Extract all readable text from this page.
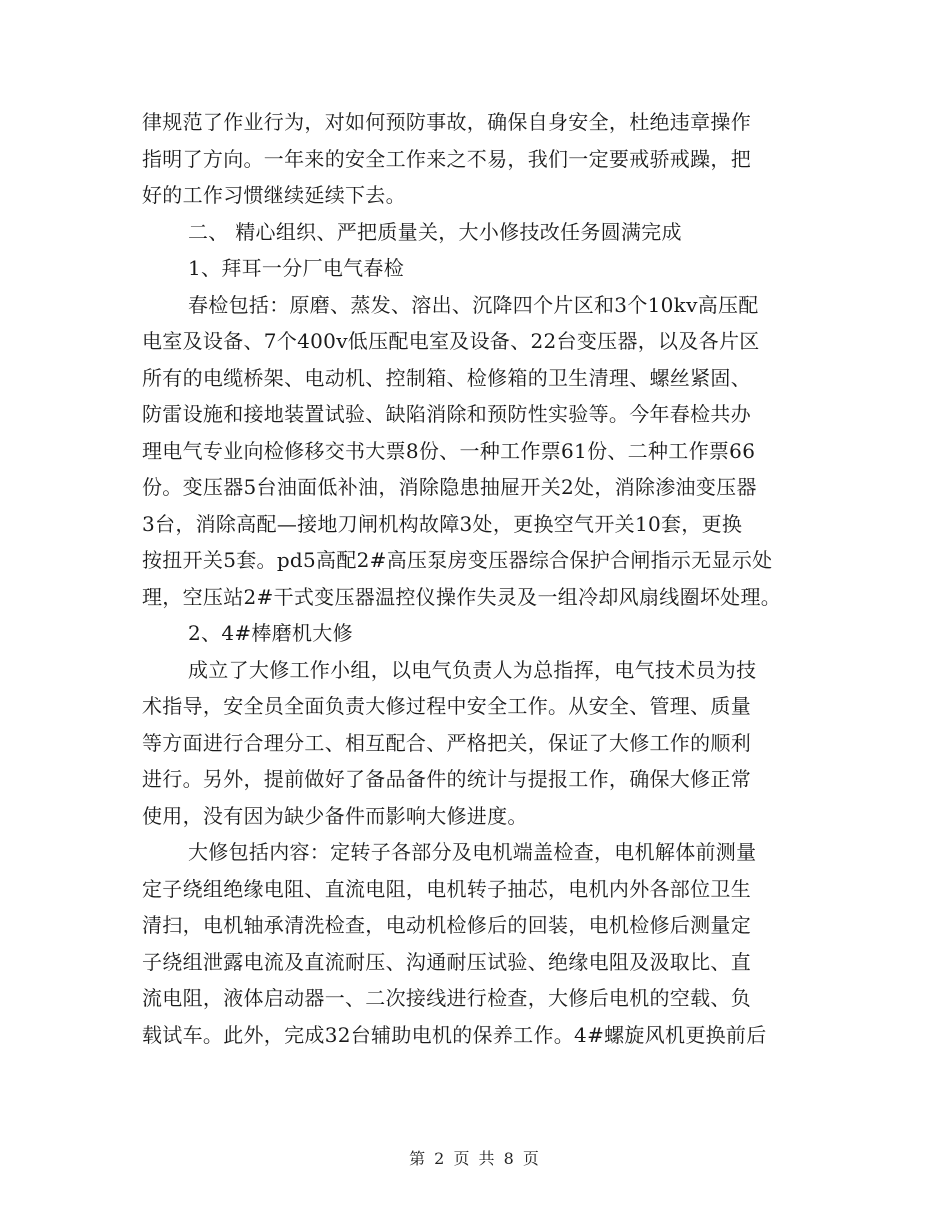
律规范了作业行为，对如何预防事故，确保自身安全，杜绝违章操作
指明了方向。一年来的安全工作来之不易，我们一定要戒骄戒躁，把
好的工作习惯继续延续下去。
二、 精心组织、严把质量关，大小修技改任务圆满完成
1、拜耳一分厂电气春检
春检包括：原磨、蒸发、溶出、沉降四个片区和3个10kv高压配
电室及设备、7个400v低压配电室及设备、22台变压器，以及各片区
所有的电缆桥架、电动机、控制箱、检修箱的卫生清理、螺丝紧固、
防雷设施和接地装置试验、缺陷消除和预防性实验等。今年春检共办
理电气专业向检修移交书大票8份、一种工作票61份、二种工作票66
份。变压器5台油面低补油，消除隐患抽屉开关2处，消除渗油变压器
3台，消除高配—接地刀闸机构故障3处，更换空气开关10套，更换
按扭开关5套。pd5高配2#高压泵房变压器综合保护合闸指示无显示处
理，空压站2#干式变压器温控仪操作失灵及一组冷却风扇线圈坏处理。
2、4#棒磨机大修
成立了大修工作小组，以电气负责人为总指挥，电气技术员为技
术指导，安全员全面负责大修过程中安全工作。从安全、管理、质量
等方面进行合理分工、相互配合、严格把关，保证了大修工作的顺利
进行。另外，提前做好了备品备件的统计与提报工作，确保大修正常
使用，没有因为缺少备件而影响大修进度。
大修包括内容：定转子各部分及电机端盖检查，电机解体前测量
定子绕组绝缘电阻、直流电阻，电机转子抽芯，电机内外各部位卫生
清扫，电机轴承清洗检查，电动机检修后的回装，电机检修后测量定
子绕组泄露电流及直流耐压、沟通耐压试验、绝缘电阻及汲取比、直
流电阻，液体启动器一、二次接线进行检查，大修后电机的空载、负
载试车。此外，完成32台辅助电机的保养工作。4#螺旋风机更换前后
第 2 页 共 8 页
